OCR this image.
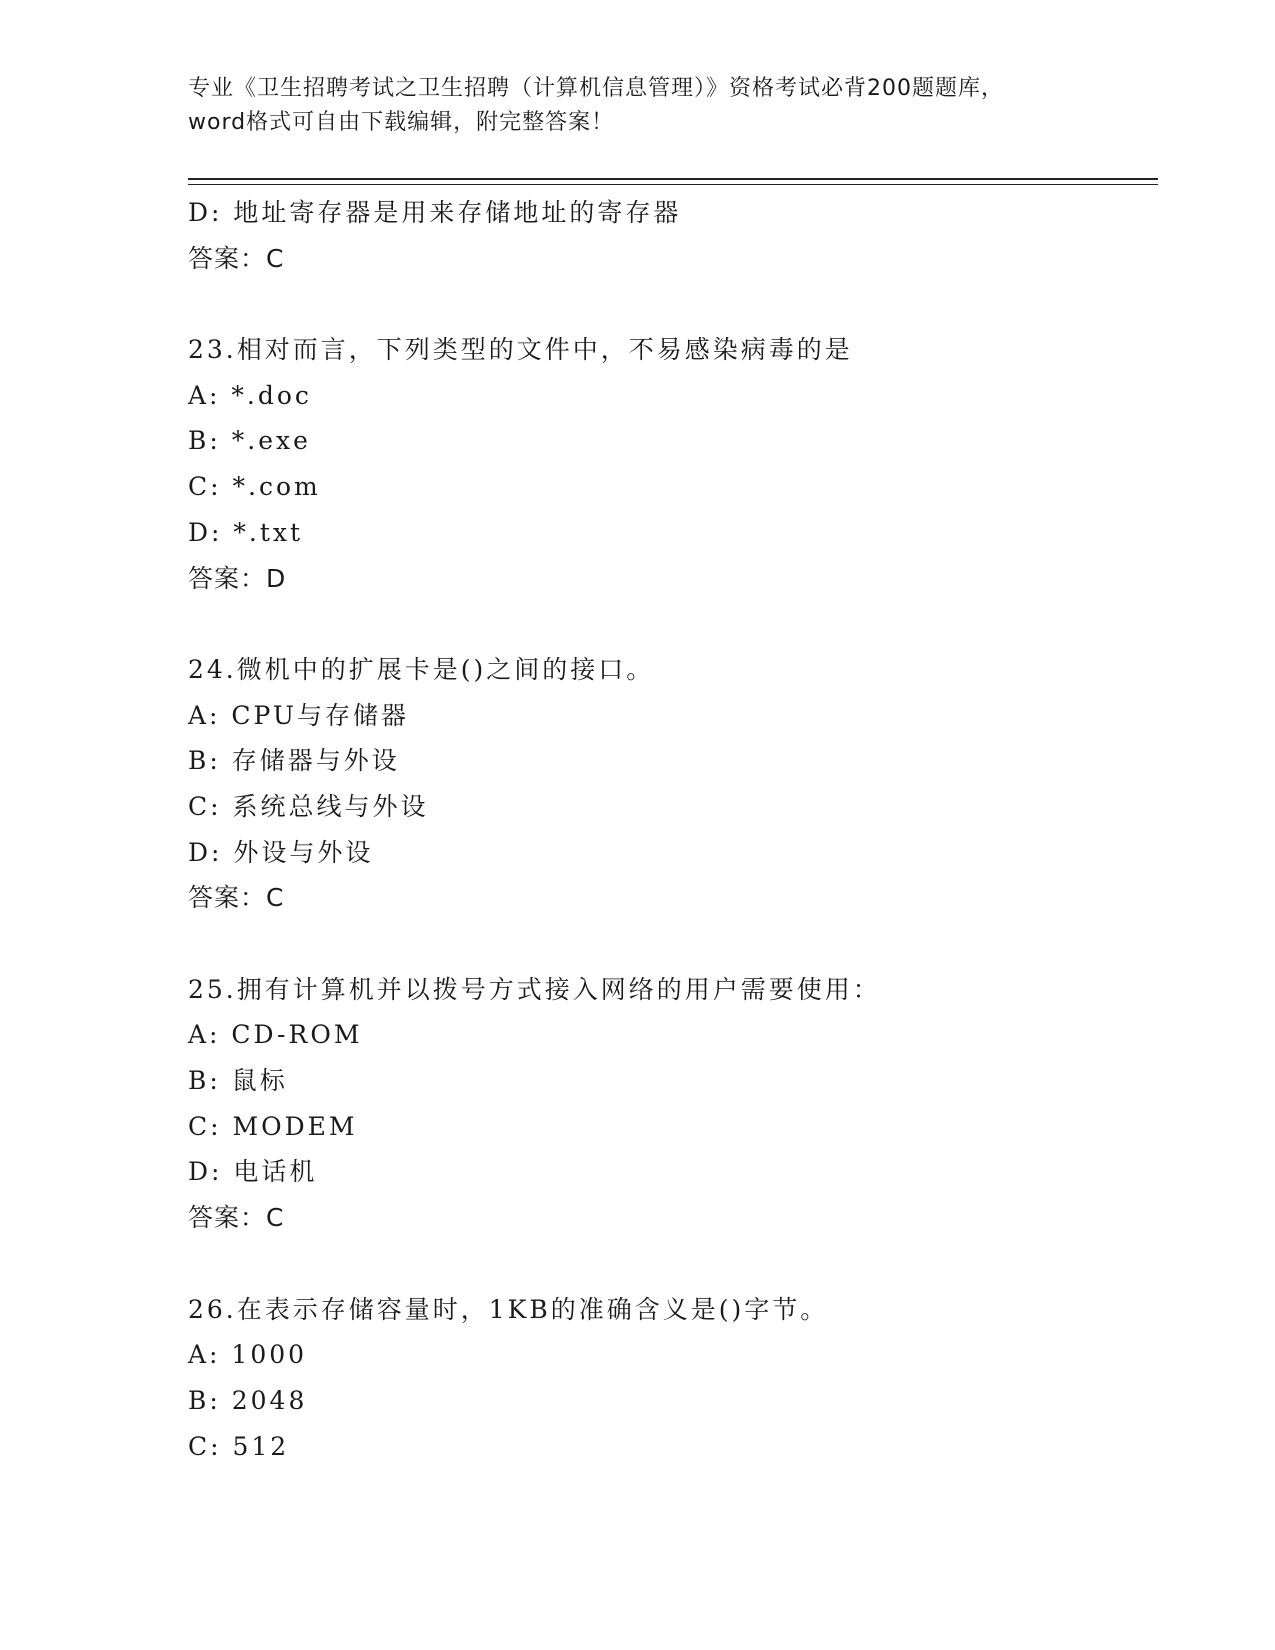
专业《卫生招聘考试之卫生招聘（计算机信息管理）》资格考试必背200题题库，
word格式可自由下载编辑，附完整答案！
D: 地址寄存器是用来存储地址的寄存器
答案：C
23.相对而言，下列类型的文件中，不易感染病毒的是
A: *.doc
B: *.exe
C: *.com
D: *.txt
答案：D
24.微机中的扩展卡是()之间的接口。
A: CPU与存储器
B: 存储器与外设
C: 系统总线与外设
D: 外设与外设
答案：C
25.拥有计算机并以拨号方式接入网络的用户需要使用：
A: CD-ROM
B: 鼠标
C: MODEM
D: 电话机
答案：C
26.在表示存储容量时，1KB的准确含义是()字节。
A: 1000
B: 2048
C: 512
